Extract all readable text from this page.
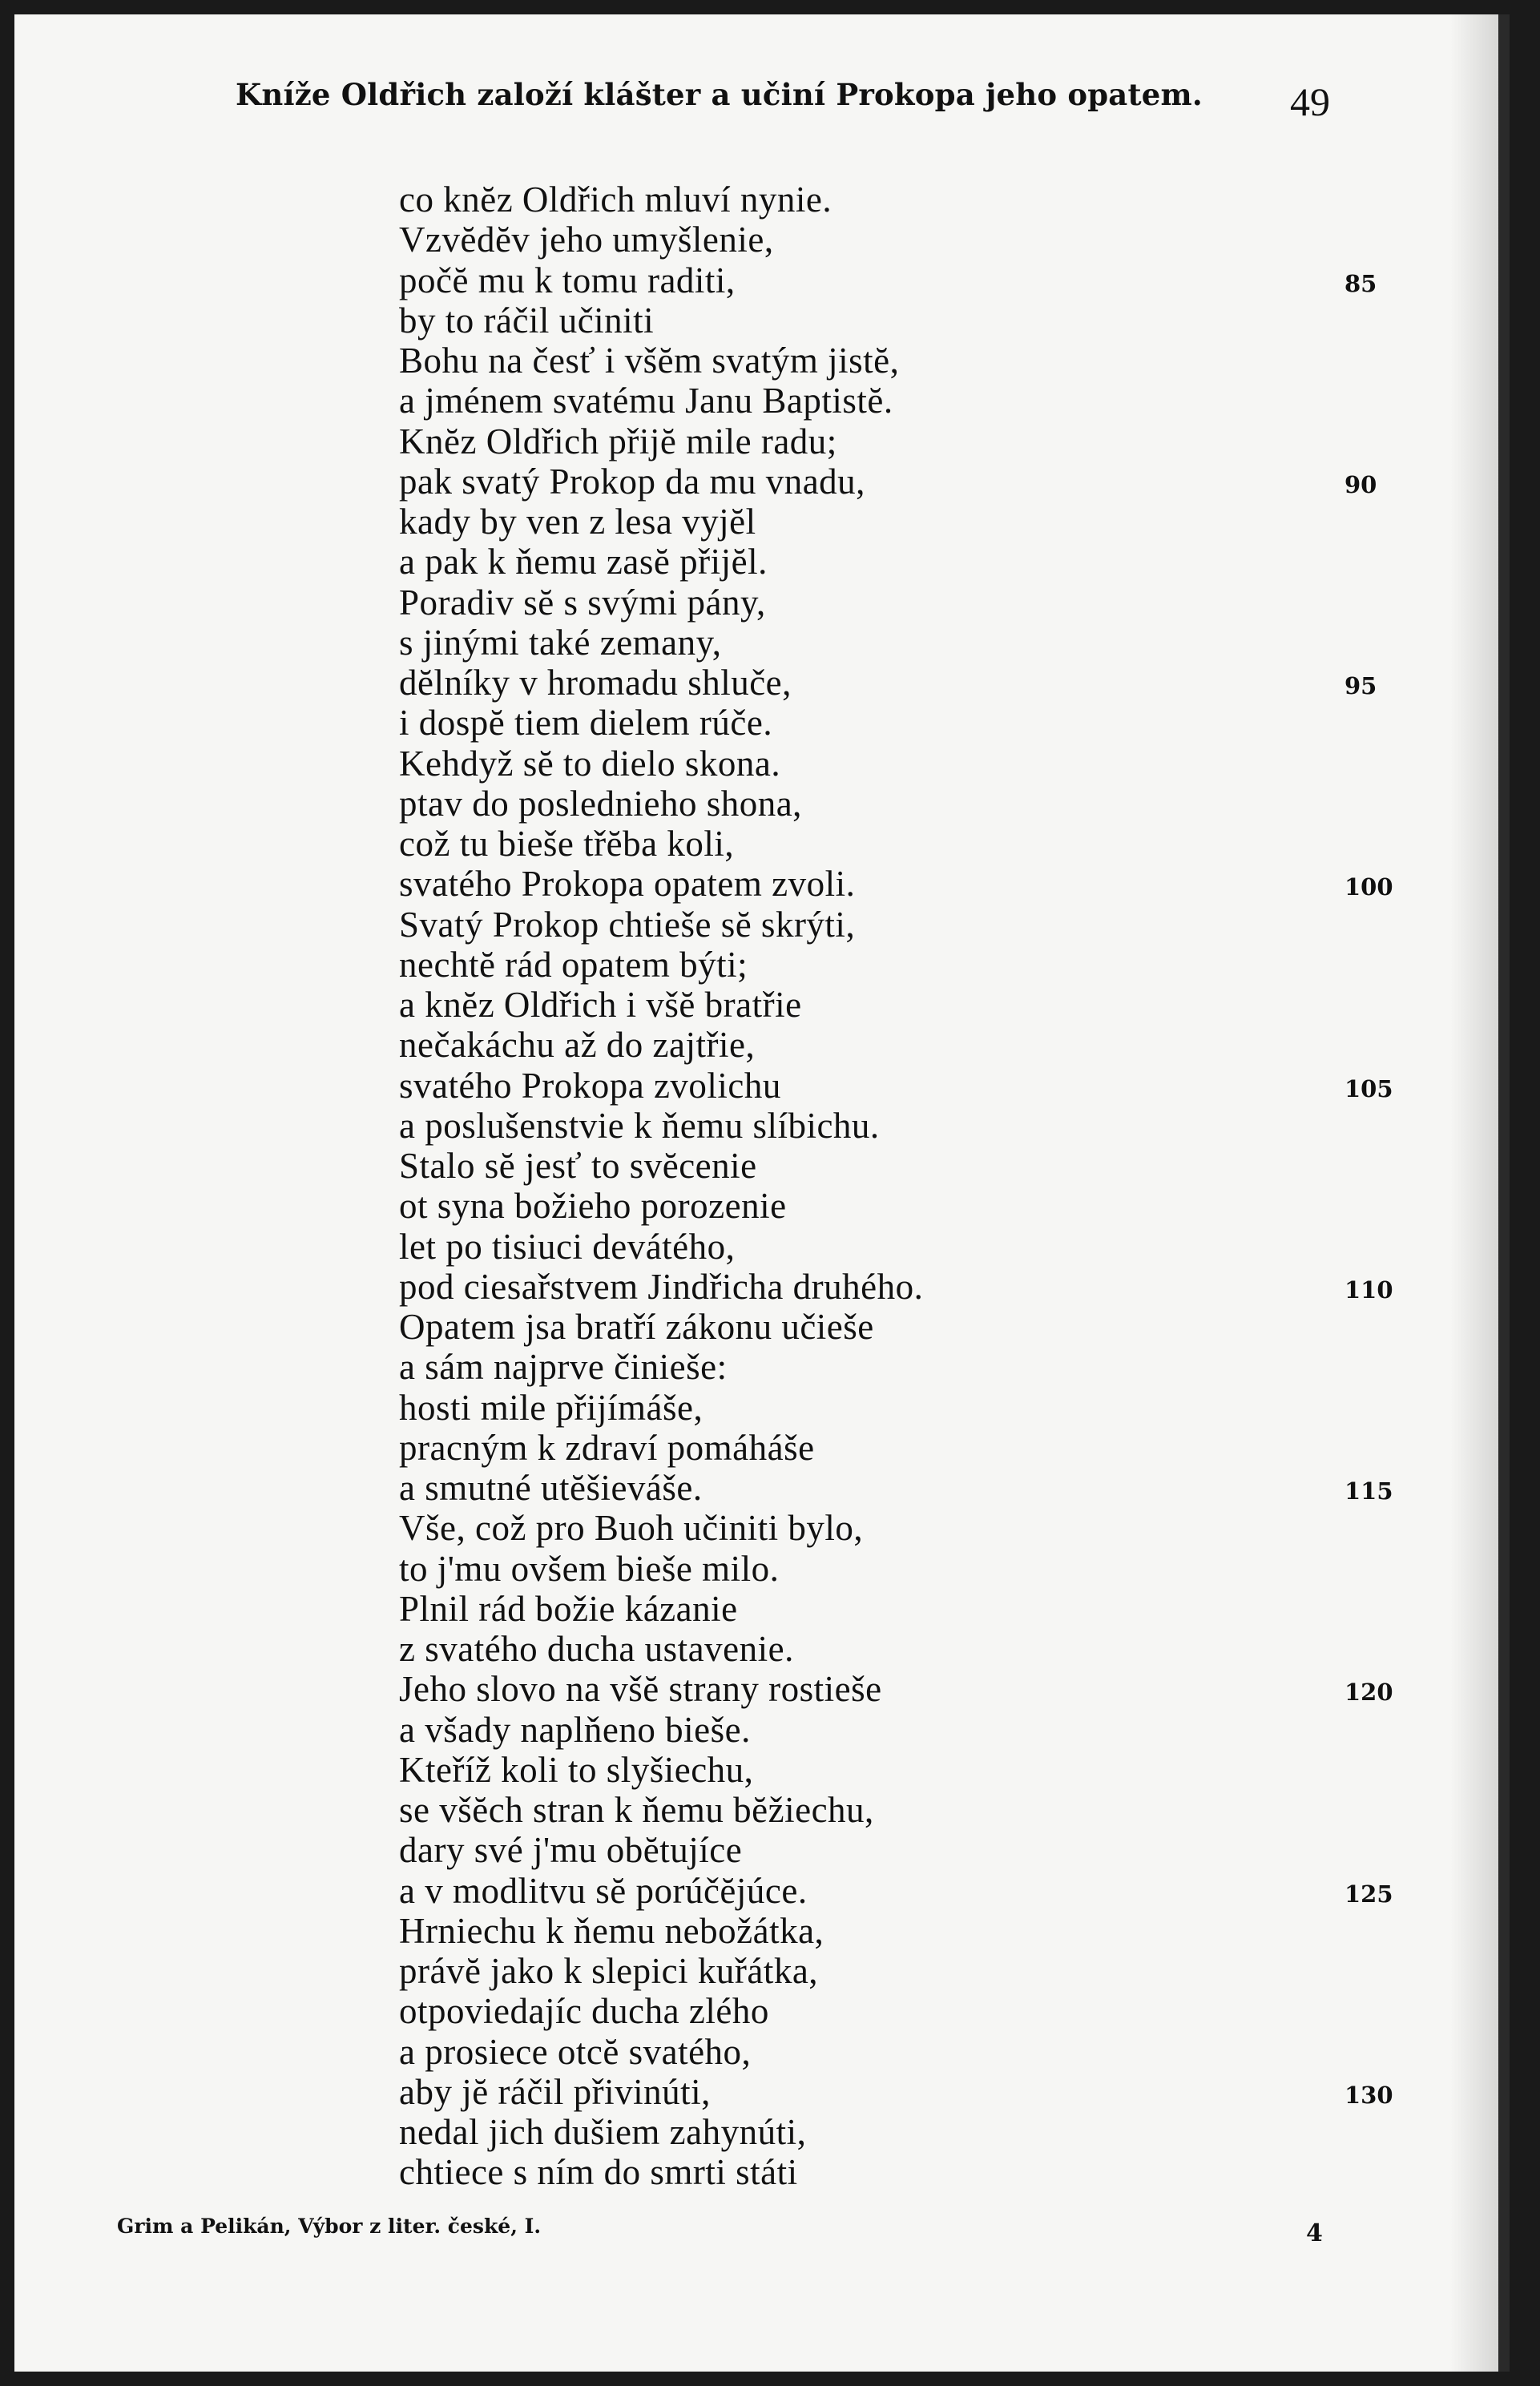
Kníže Oldřich založí klášter a učiní Prokopa jeho opatem. 49
co knĕz Oldřich mluví nynie.
Vzvĕdĕv jeho umyšlenie,
počĕ mu k tomu raditi,
by to ráčil učiniti
Bohu na česť i všĕm svatým jistĕ,
a jménem svatému Janu Baptistĕ.
Knĕz Oldřich přijĕ mile radu;
pak svatý Prokop da mu vnadu,
kady by ven z lesa vyjĕl
a pak k ňemu zasĕ přijĕl.
Poradiv sĕ s svými pány,
s jinými také zemany,
dĕlníky v hromadu shluče,
i dospĕ tiem dielem rúče.
Kehdyž sĕ to dielo skona.
ptav do poslednieho shona,
což tu bieše třĕba koli,
svatého Prokopa opatem zvoli.
Svatý Prokop chtieše sĕ skrýti,
nechtĕ rád opatem býti;
a knĕz Oldřich i všĕ bratřie
nečakáchu až do zajtřie,
svatého Prokopa zvolichu
a poslušenstvie k ňemu slíbichu.
Stalo sĕ jesť to svĕcenie
ot syna božieho porozenie
let po tisiuci devátého,
pod ciesařstvem Jindřicha druhého.
Opatem jsa bratří zákonu učieše
a sám najprve činieše:
hosti mile přijímáše,
pracným k zdraví pomáháše
a smutné utĕšieváše.
Vše, což pro Buoh učiniti bylo,
to j'mu ovšem bieše milo.
Plnil rád božie kázanie
z svatého ducha ustavenie.
Jeho slovo na všĕ strany rostieše
a všady naplňeno bieše.
Kteříž koli to slyšiechu,
se všĕch stran k ňemu bĕžiechu,
dary své j'mu obĕtujíce
a v modlitvu sĕ porúčĕjúce.
Hrniechu k ňemu nebožátka,
právĕ jako k slepici kuřátka,
otpoviedajíc ducha zlého
a prosiece otcĕ svatého,
aby jĕ ráčil přivinúti,
nedal jich dušiem zahynúti,
chtiece s ním do smrti státi
85
90
95
100
105
110
115
120
125
130
Grim a Pelikán, Výbor z liter. české, I.	4
